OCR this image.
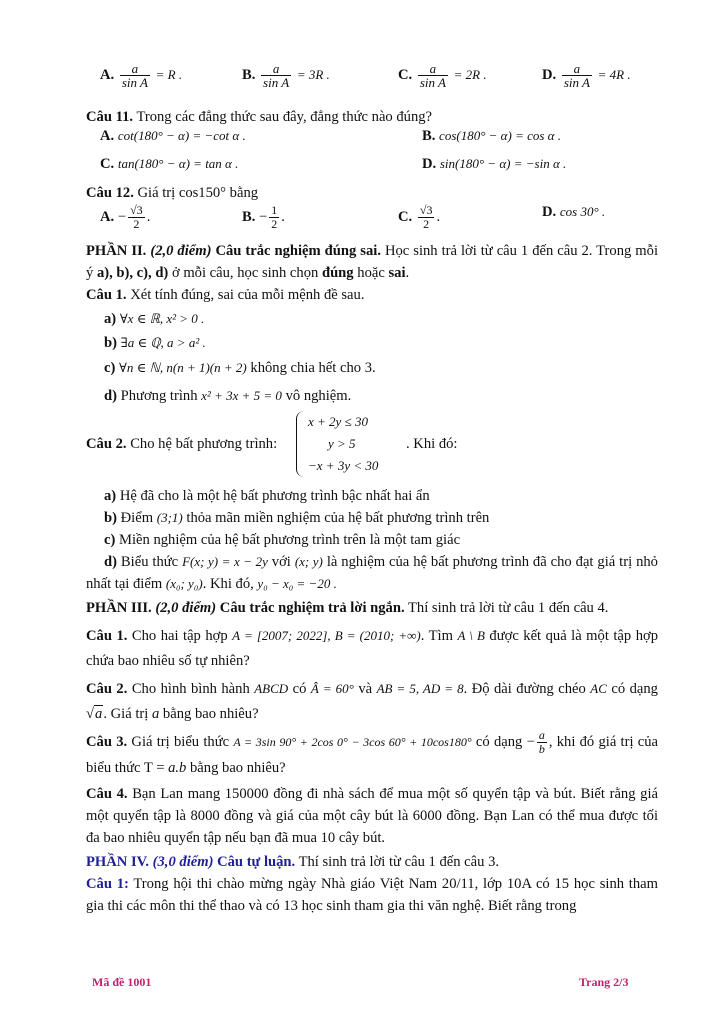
A. $\frac{a}{\text{sin A}} = R$ .	B. $\frac{a}{\text{sin A}} = 3R$ .	C. $\frac{a}{\text{sin A}} = 2R$ .	D. $\frac{a}{\text{sin A}} = 4R$ .

Câu 11. Trong các đẳng thức sau đây, đẳng thức nào đúng?

A. cot(180° − α) = −cot α .	B. cos(180° − α) = cos α .
C. tan(180° − α) = tan α .	D. sin(180° − α) = −sin α .

Câu 12. Giá trị cos150° bằng

A. − $\frac{√3}{2}$ .	B. − $\frac{1}{2}$ .	C. $\frac{√3}{2}$ .	D. cos 30° .

PHẦN II. (2,0 điểm) Câu trắc nghiệm đúng sai. Học sinh trả lời từ câu 1 đến câu 2. Trong mỗi ý a), b), c), d) ở mỗi câu, học sinh chọn đúng hoặc sai.

Câu 1. Xét tính đúng, sai của mỗi mệnh đề sau.

a) ∀x ∈ ℝ, x² > 0 .

b) ∃a ∈ ℚ, a > a² .

c) ∀n ∈ ℕ, n(n + 1)(n + 2) không chia hết cho 3.

d) Phương trình x² + 3x + 5 = 0 vô nghiệm.

Câu 2. Cho hệ bất phương trình:
x + 2y ≤ 30
y > 5
−x + 3y < 30
. Khi đó:

a) Hệ đã cho là một hệ bất phương trình bậc nhất hai ẩn

b) Điểm (3;1) thỏa mãn miền nghiệm của hệ bất phương trình trên

c) Miền nghiệm của hệ bất phương trình trên là một tam giác

d) Biểu thức F(x; y) = x − 2y với (x; y) là nghiệm của hệ bất phương trình đã cho đạt giá trị nhỏ nhất tại điểm (x₀; y₀). Khi đó, y₀ − x₀ = −20 .

PHẦN III. (2,0 điểm) Câu trắc nghiệm trả lời ngắn. Thí sinh trả lời từ câu 1 đến câu 4.

Câu 1. Cho hai tập hợp A = [2007; 2022], B = (2010; +∞). Tìm A \ B được kết quả là một tập hợp chứa bao nhiêu số tự nhiên?

Câu 2. Cho hình bình hành ABCD có Â = 60° và AB = 5, AD = 8. Độ dài đường chéo AC có dạng √a. Giá trị a bằng bao nhiêu?

Câu 3. Giá trị biểu thức A = 3sin 90° + 2cos 0° − 3cos 60° + 10cos180° có dạng − $\frac{a}{b}$ , khi đó giá trị của biểu thức T = a.b bằng bao nhiêu?

Câu 4. Bạn Lan mang 150000 đồng đi nhà sách để mua một số quyển tập và bút. Biết rằng giá một quyển tập là 8000 đồng và giá của một cây bút là 6000 đồng. Bạn Lan có thể mua được tối đa bao nhiêu quyển tập nếu bạn đã mua 10 cây bút.

PHẦN IV. (3,0 điểm) Câu tự luận. Thí sinh trả lời từ câu 1 đến câu 3.

Câu 1: Trong hội thi chào mừng ngày Nhà giáo Việt Nam 20/11, lớp 10A có 15 học sinh tham gia thi các môn thi thể thao và có 13 học sinh tham gia thi văn nghệ. Biết rằng trong

Mã đề 1001	Trang 2/3
